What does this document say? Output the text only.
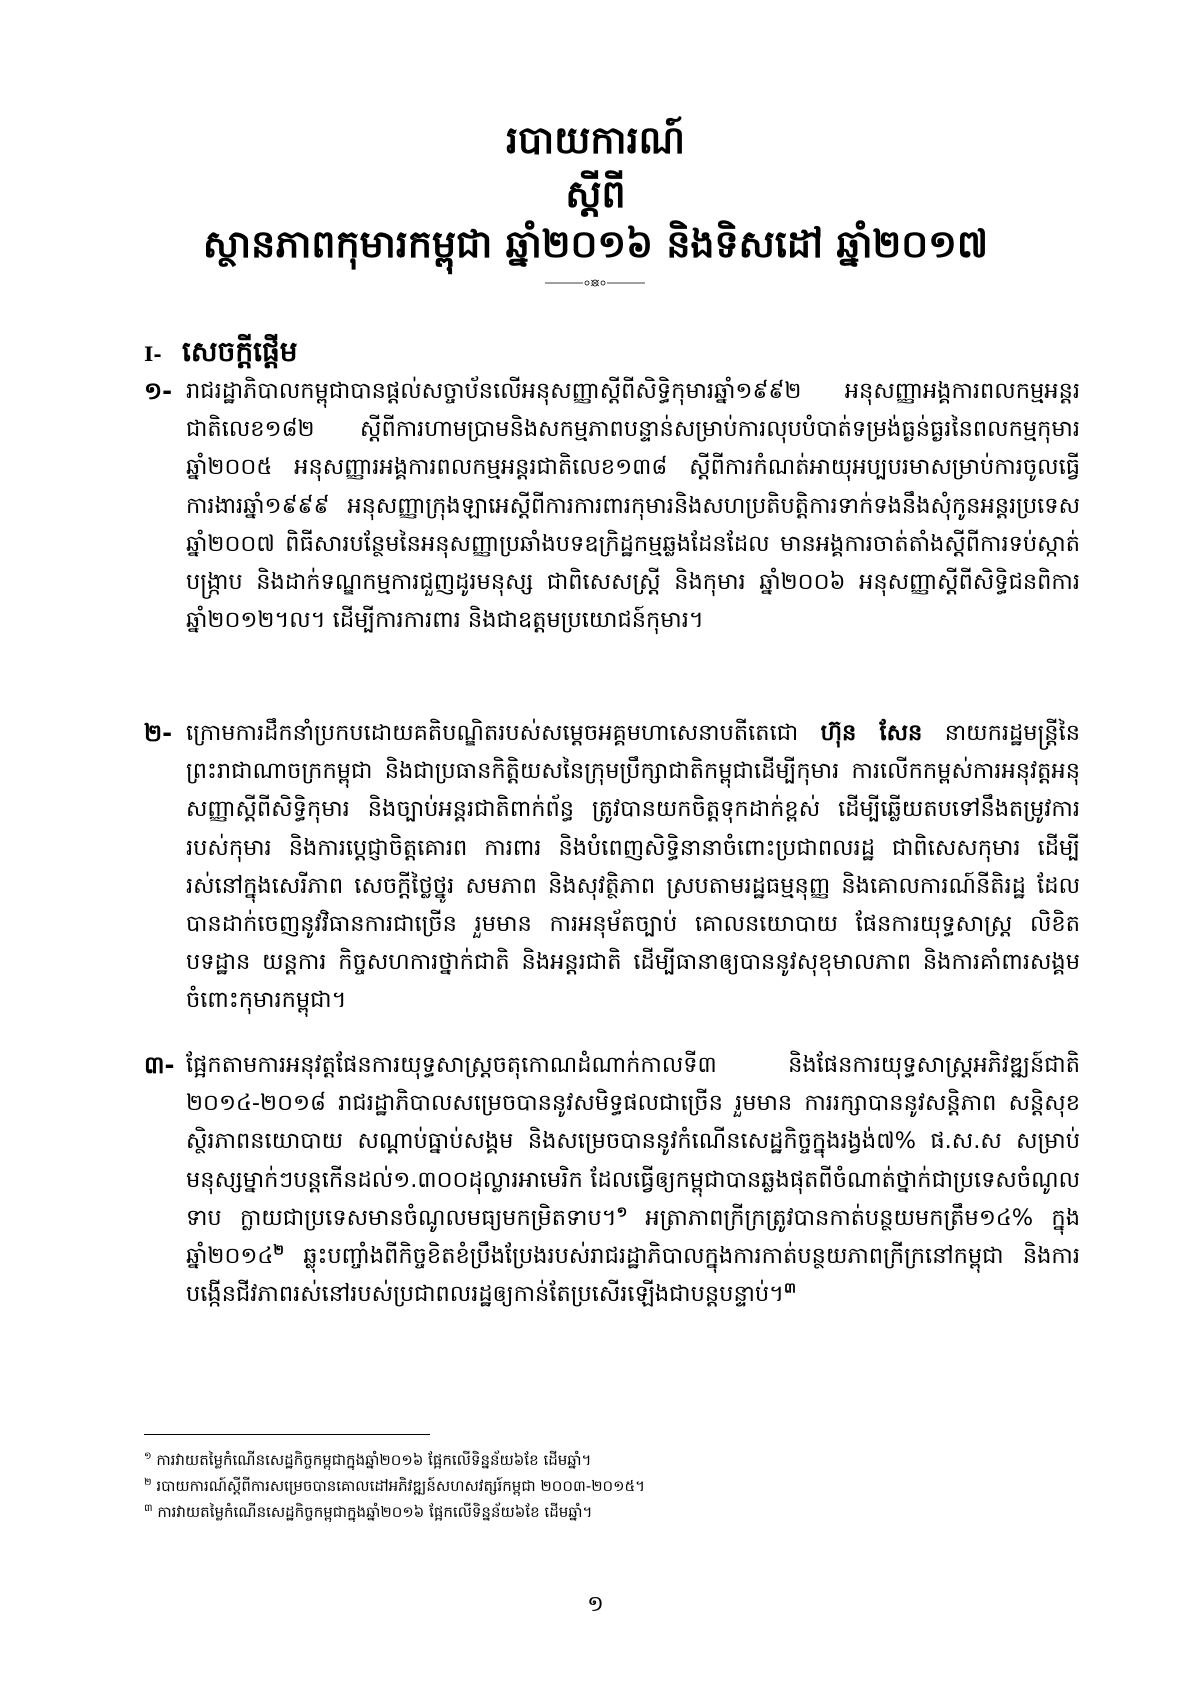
របាយការណ៍
ស្ដីពី
ស្ថានភាពកុមារកម្ពុជា ឆ្នាំ២០១៦ និងទិសដៅ ឆ្នាំ២០១៧
I- សេចក្ដីផ្ដើម
១- រាជរដ្ឋាភិបាលកម្ពុជាបានផ្ដល់សច្ចាប័នលើអនុសញ្ញាស្ដីពីសិទ្ធិកុមារឆ្នាំ១៩៩២ អនុសញ្ញាអង្គការពលកម្មអន្តរជាតិលេខ១៨២ ស្ដីពីការហាមប្រាមនិងសកម្មភាពបន្ទាន់សម្រាប់ការលុបបំបាត់ទម្រង់ធ្ងន់ធ្ងរនៃពលកម្មកុមារឆ្នាំ២០០៥ អនុសញ្ញារអង្គការពលកម្មអន្តរជាតិលេខ១៣៨ ស្ដីពីការកំណត់អាយុអប្បបរមាសម្រាប់ការចូលធ្វើការងារឆ្នាំ១៩៩៩ អនុសញ្ញាក្រុងឡាអេស្ដីពីការការពារកុមារនិងសហប្រតិបត្តិការទាក់ទងនឹងសុំកូនអន្តរប្រទេសឆ្នាំ២០០៧ ពិធីសារបន្ថែមនៃអនុសញ្ញាប្រឆាំងបទឧក្រិដ្ឋកម្មឆ្លងដែនដែល មានអង្គការចាត់តាំងស្ដីពីការទប់ស្កាត់ បង្ក្រាប និងដាក់ទណ្ឌកម្មការជួញដូរមនុស្ស ជាពិសេសស្ត្រី និងកុមារ ឆ្នាំ២០០៦ អនុសញ្ញាស្ដីពីសិទ្ធិជនពិការឆ្នាំ២០១២។ល។ ដើម្បីការការពារ និងជាឧត្តមប្រយោជន៍កុមារ។
២- ក្រោមការដឹកនាំប្រកបដោយគតិបណ្ឌិតរបស់សម្ដេចអគ្គមហាសេនាបតីតេជោ ហ៊ុន សែន នាយករដ្ឋមន្ត្រីនៃព្រះរាជាណាចក្រកម្ពុជា និងជាប្រធានកិត្តិយសនៃក្រុមប្រឹក្សាជាតិកម្ពុជាដើម្បីកុមារ ការលើកកម្ពស់ការអនុវត្តអនុសញ្ញាស្ដីពីសិទ្ធិកុមារ និងច្បាប់អន្តរជាតិពាក់ព័ន្ធ ត្រូវបានយកចិត្តទុកដាក់ខ្ពស់ ដើម្បីឆ្លើយតបទៅនឹងតម្រូវការរបស់កុមារ និងការប្ដេជ្ញាចិត្តគោរព ការពារ និងបំពេញសិទ្ធិនានាចំពោះប្រជាពលរដ្ឋ ជាពិសេសកុមារ ដើម្បីរស់នៅក្នុងសេរីភាព សេចក្ដីថ្លៃថ្នូរ សមភាព និងសុវត្ថិភាព ស្របតាមរដ្ឋធម្មនុញ្ញ និងគោលការណ៍នីតិរដ្ឋ ដែលបានដាក់ចេញនូវវិធានការជាច្រើន រួមមាន ការអនុម័តច្បាប់ គោលនយោបាយ ផែនការយុទ្ធសាស្ត្រ លិខិតបទដ្ឋាន យន្តការ កិច្ចសហការថ្នាក់ជាតិ និងអន្តរជាតិ ដើម្បីធានាឲ្យបាននូវសុខុមាលភាព និងការគាំពារសង្គមចំពោះកុមារកម្ពុជា។
៣- ផ្អែកតាមការអនុវត្តផែនការយុទ្ធសាស្ត្រចតុកោណដំណាក់កាលទី៣ និងផែនការយុទ្ធសាស្ត្រអភិវឌ្ឍន៍ជាតិ ២០១៤-២០១៨ រាជរដ្ឋាភិបាលសម្រេចបាននូវសមិទ្ធផលជាច្រើន រួមមាន ការរក្សាបាននូវសន្តិភាព សន្តិសុខ ស្ថិរភាពនយោបាយ សណ្ដាប់ធ្នាប់សង្គម និងសម្រេចបាននូវកំណើនសេដ្ឋកិច្ចក្នុងរង្វង់៧% ផ.ស.ស សម្រាប់មនុស្សម្នាក់ៗបន្តកើនដល់១.៣០០ដុល្លារអាមេរិក ដែលធ្វើឲ្យកម្ពុជាបានឆ្លងផុតពីចំណាត់ថ្នាក់ជាប្រទេសចំណូលទាប ក្លាយជាប្រទេសមានចំណូលមធ្យមកម្រិតទាប។$^១$ អត្រាភាពក្រីក្រត្រូវបានកាត់បន្ថយមកត្រឹម១៤% ក្នុងឆ្នាំ២០១៤$^២$ ឆ្លុះបញ្ចាំងពីកិច្ចខិតខំប្រឹងប្រែងរបស់រាជរដ្ឋាភិបាលក្នុងការកាត់បន្ថយភាពក្រីក្រនៅកម្ពុជា និងការបង្កើនជីវភាពរស់នៅរបស់ប្រជាពលរដ្ឋឲ្យកាន់តែប្រសើរឡើងជាបន្តបន្ទាប់។$^៣$
$^១$ ការវាយតម្លៃកំណើនសេដ្ឋកិច្ចកម្ពុជាក្នុងឆ្នាំ២០១៦ ផ្អែកលើទិន្នន័យ៦ខែ ដើមឆ្នាំ។
$^២$ របាយការណ៍ស្ដីពីការសម្រេចបានគោលដៅអភិវឌ្ឍន៍សហសវត្សរ៍កម្ពុជា ២០០៣-២០១៥។
$^៣$ ការវាយតម្លៃកំណើនសេដ្ឋកិច្ចកម្ពុជាក្នុងឆ្នាំ២០១៦ ផ្អែកលើទិន្នន័យ៦ខែ ដើមឆ្នាំ។
១
